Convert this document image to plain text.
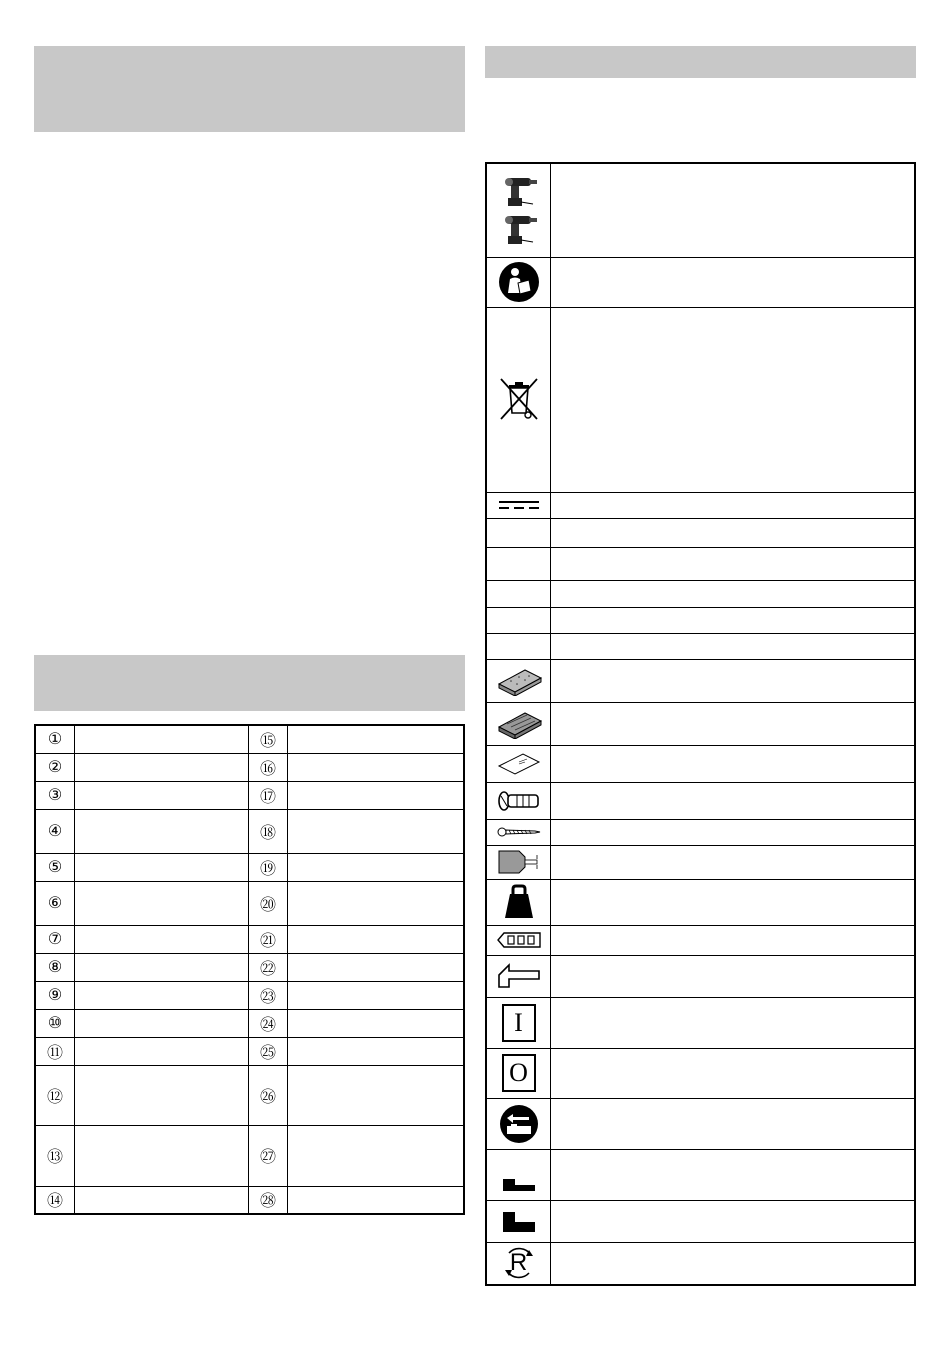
①		⑮	
②		⑯	
③		⑰	
④		⑱	
⑤		⑲	
⑥		⑳	
⑦		㉑	
⑧		㉒	
⑨		㉓	
⑩		㉔	
⑪		㉕	
⑫		㉖	
⑬		㉗	
⑭		㉘	

I	

O	

R	
